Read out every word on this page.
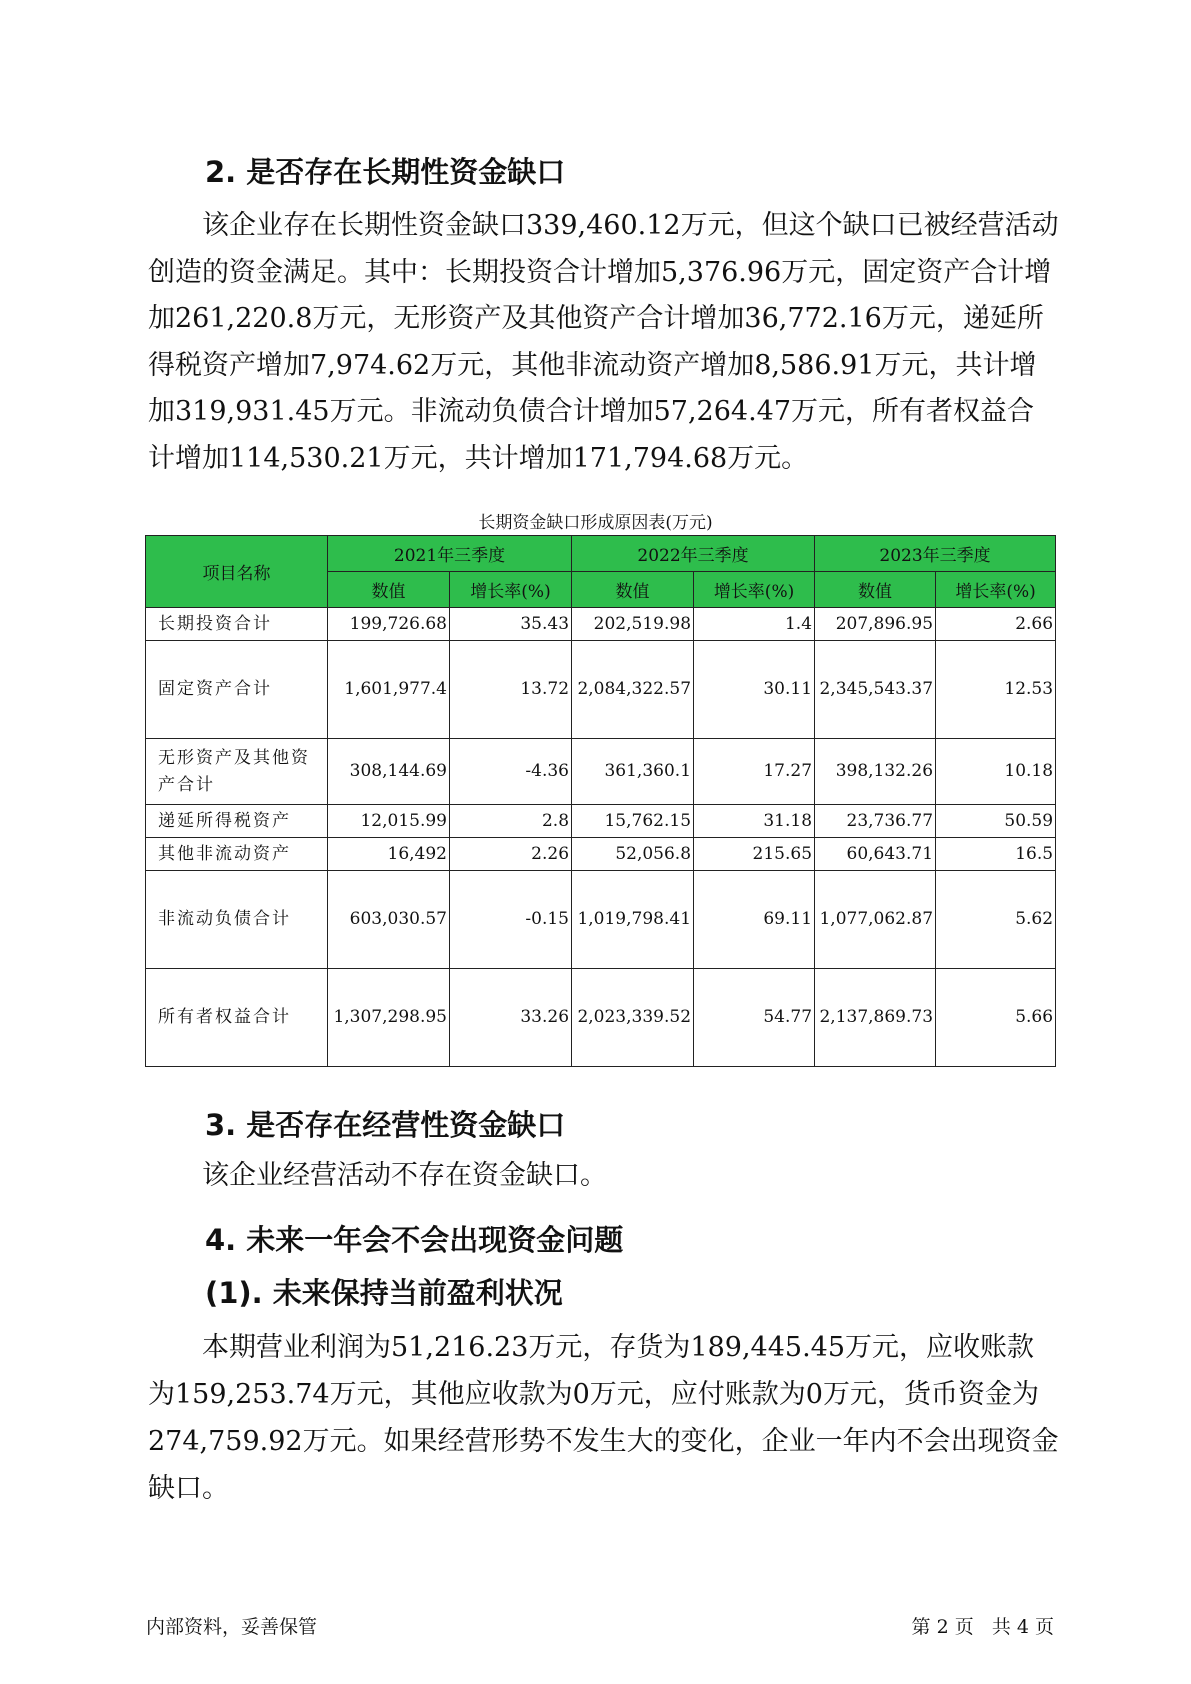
2. 是否存在长期性资金缺口

该企业存在长期性资金缺口339,460.12万元，但这个缺口已被经营活动创造的资金满足。其中：长期投资合计增加5,376.96万元，固定资产合计增加261,220.8万元，无形资产及其他资产合计增加36,772.16万元，递延所得税资产增加7,974.62万元，其他非流动资产增加8,586.91万元，共计增加319,931.45万元。非流动负债合计增加57,264.47万元，所有者权益合计增加114,530.21万元，共计增加171,794.68万元。

长期资金缺口形成原因表(万元)

项目名称	2021年三季度		2022年三季度		2023年三季度	
	数值	增长率(%)	数值	增长率(%)	数值	增长率(%)
长期投资合计	199,726.68	35.43	202,519.98	1.4	207,896.95	2.66
固定资产合计	1,601,977.4	13.72	2,084,322.57	30.11	2,345,543.37	12.53
无形资产及其他资产合计	308,144.69	-4.36	361,360.1	17.27	398,132.26	10.18
递延所得税资产	12,015.99	2.8	15,762.15	31.18	23,736.77	50.59
其他非流动资产	16,492	2.26	52,056.8	215.65	60,643.71	16.5
非流动负债合计	603,030.57	-0.15	1,019,798.41	69.11	1,077,062.87	5.62
所有者权益合计	1,307,298.95	33.26	2,023,339.52	54.77	2,137,869.73	5.66
3. 是否存在经营性资金缺口

该企业经营活动不存在资金缺口。

4. 未来一年会不会出现资金问题
(1). 未来保持当前盈利状况

本期营业利润为51,216.23万元，存货为189,445.45万元，应收账款为159,253.74万元，其他应收款为0万元，应付账款为0万元，货币资金为274,759.92万元。如果经营形势不发生大的变化，企业一年内不会出现资金缺口。

内部资料，妥善保管	第 2 页   共 4 页
